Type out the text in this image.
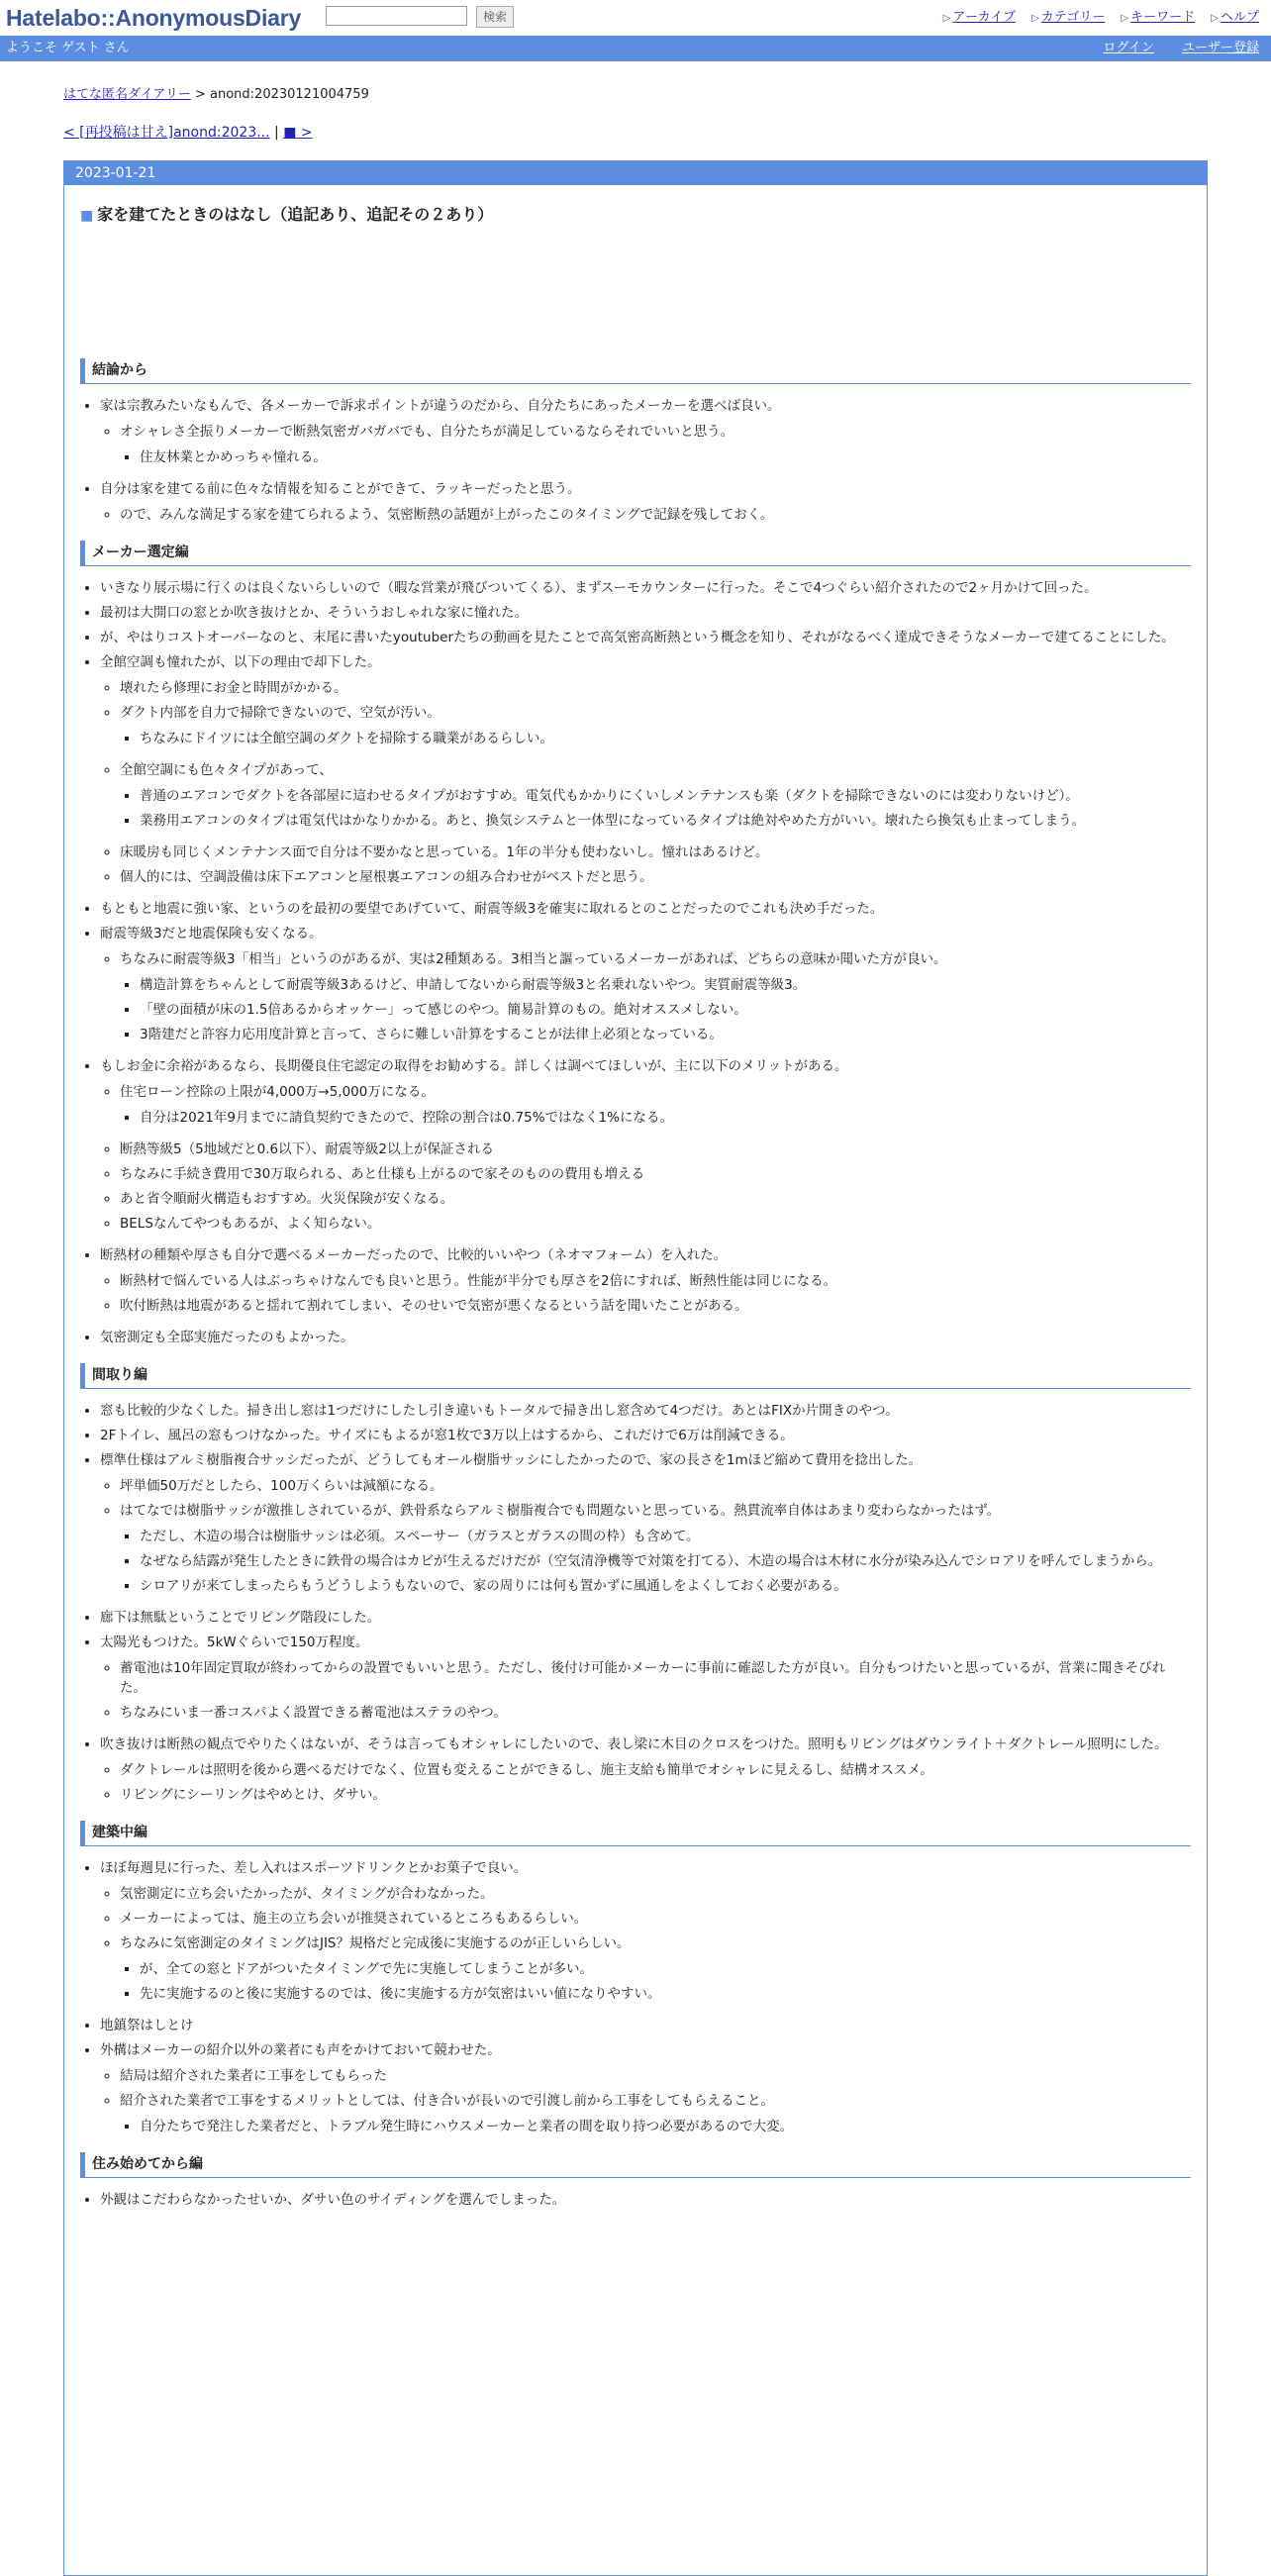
Hatelabo::AnonymousDiary	検索	▷ アーカイブ ▷ カテゴリー ▷ キーワード ▷ ヘルプ
ようこそ ゲスト さん	ログイン ユーザー登録
はてな匿名ダイアリー > anond:20230121004759
< [再投稿は甘え]anond:2023... | ■ >
2023-01-21
■ 家を建てたときのはなし（追記あり、追記その２あり）
結論から
• 家は宗教みたいなもんで、各メーカーで訴求ポイントが違うのだから、自分たちにあったメーカーを選べば良い。
◦ オシャレさ全振りメーカーで断熱気密ガバガバでも、自分たちが満足しているならそれでいいと思う。
▪ 住友林業とかめっちゃ憧れる。
• 自分は家を建てる前に色々な情報を知ることができて、ラッキーだったと思う。
◦ ので、みんな満足する家を建てられるよう、気密断熱の話題が上がったこのタイミングで記録を残しておく。
メーカー選定編
• いきなり展示場に行くのは良くないらしいので（暇な営業が飛びついてくる）、まずスーモカウンターに行った。そこで4つぐらい紹介されたので2ヶ月かけて回った。
• 最初は大開口の窓とか吹き抜けとか、そういうおしゃれな家に憧れた。
• が、やはりコストオーバーなのと、末尾に書いたyoutuberたちの動画を見たことで高気密高断熱という概念を知り、それがなるべく達成できそうなメーカーで建てることにした。
• 全館空調も憧れたが、以下の理由で却下した。
◦ 壊れたら修理にお金と時間がかかる。
◦ ダクト内部を自力で掃除できないので、空気が汚い。
▪ ちなみにドイツには全館空調のダクトを掃除する職業があるらしい。
◦ 全館空調にも色々タイプがあって、
▪ 普通のエアコンでダクトを各部屋に這わせるタイプがおすすめ。電気代もかかりにくいしメンテナンスも楽（ダクトを掃除できないのには変わりないけど）。
▪ 業務用エアコンのタイプは電気代はかなりかかる。あと、換気システムと一体型になっているタイプは絶対やめた方がいい。壊れたら換気も止まってしまう。
◦ 床暖房も同じくメンテナンス面で自分は不要かなと思っている。1年の半分も使わないし。憧れはあるけど。
◦ 個人的には、空調設備は床下エアコンと屋根裏エアコンの組み合わせがベストだと思う。
• もともと地震に強い家、というのを最初の要望であげていて、耐震等級3を確実に取れるとのことだったのでこれも決め手だった。
• 耐震等級3だと地震保険も安くなる。
◦ ちなみに耐震等級3「相当」というのがあるが、実は2種類ある。3相当と謳っているメーカーがあれば、どちらの意味か聞いた方が良い。
▪ 構造計算をちゃんとして耐震等級3あるけど、申請してないから耐震等級3と名乗れないやつ。実質耐震等級3。
▪ 「壁の面積が床の1.5倍あるからオッケー」って感じのやつ。簡易計算のもの。絶対オススメしない。
▪ 3階建だと許容力応用度計算と言って、さらに難しい計算をすることが法律上必須となっている。
• もしお金に余裕があるなら、長期優良住宅認定の取得をお勧めする。詳しくは調べてほしいが、主に以下のメリットがある。
◦ 住宅ローン控除の上限が4,000万→5,000万になる。
▪ 自分は2021年9月までに請負契約できたので、控除の割合は0.75%ではなく1%になる。
◦ 断熱等級5（5地域だと0.6以下）、耐震等級2以上が保証される
◦ ちなみに手続き費用で30万取られる、あと仕様も上がるので家そのものの費用も増える
◦ あと省令順耐火構造もおすすめ。火災保険が安くなる。
◦ BELSなんてやつもあるが、よく知らない。
• 断熱材の種類や厚さも自分で選べるメーカーだったので、比較的いいやつ（ネオマフォーム）を入れた。
◦ 断熱材で悩んでいる人はぶっちゃけなんでも良いと思う。性能が半分でも厚さを2倍にすれば、断熱性能は同じになる。
◦ 吹付断熱は地震があると揺れて割れてしまい、そのせいで気密が悪くなるという話を聞いたことがある。
• 気密測定も全邸実施だったのもよかった。
間取り編
• 窓も比較的少なくした。掃き出し窓は1つだけにしたし引き違いもトータルで掃き出し窓含めて4つだけ。あとはFIXか片開きのやつ。
• 2Fトイレ、風呂の窓もつけなかった。サイズにもよるが窓1枚で3万以上はするから、これだけで6万は削減できる。
• 標準仕様はアルミ樹脂複合サッシだったが、どうしてもオール樹脂サッシにしたかったので、家の長さを1mほど縮めて費用を捻出した。
◦ 坪単価50万だとしたら、100万くらいは減額になる。
◦ はてなでは樹脂サッシが激推しされているが、鉄骨系ならアルミ樹脂複合でも問題ないと思っている。熱貫流率自体はあまり変わらなかったはず。
▪ ただし、木造の場合は樹脂サッシは必須。スペーサー（ガラスとガラスの間の枠）も含めて。
▪ なぜなら結露が発生したときに鉄骨の場合はカビが生えるだけだが（空気清浄機等で対策を打てる）、木造の場合は木材に水分が染み込んでシロアリを呼んでしまうから。
▪ シロアリが来てしまったらもうどうしようもないので、家の周りには何も置かずに風通しをよくしておく必要がある。
• 廊下は無駄ということでリビング階段にした。
• 太陽光もつけた。5kWぐらいで150万程度。
◦ 蓄電池は10年固定買取が終わってからの設置でもいいと思う。ただし、後付け可能かメーカーに事前に確認した方が良い。自分もつけたいと思っているが、営業に聞きそびれた。
◦ ちなみにいま一番コスパよく設置できる蓄電池はステラのやつ。
• 吹き抜けは断熱の観点でやりたくはないが、そうは言ってもオシャレにしたいので、表し梁に木目のクロスをつけた。照明もリビングはダウンライト＋ダクトレール照明にした。
◦ ダクトレールは照明を後から選べるだけでなく、位置も変えることができるし、施主支給も簡単でオシャレに見えるし、結構オススメ。
◦ リビングにシーリングはやめとけ、ダサい。
建築中編
• ほぼ毎週見に行った、差し入れはスポーツドリンクとかお菓子で良い。
◦ 気密測定に立ち会いたかったが、タイミングが合わなかった。
◦ メーカーによっては、施主の立ち会いが推奨されているところもあるらしい。
◦ ちなみに気密測定のタイミングはJIS？規格だと完成後に実施するのが正しいらしい。
▪ が、全ての窓とドアがついたタイミングで先に実施してしまうことが多い。
▪ 先に実施するのと後に実施するのでは、後に実施する方が気密はいい値になりやすい。
• 地鎮祭はしとけ
• 外構はメーカーの紹介以外の業者にも声をかけておいて競わせた。
◦ 結局は紹介された業者に工事をしてもらった
◦ 紹介された業者で工事をするメリットとしては、付き合いが長いので引渡し前から工事をしてもらえること。
▪ 自分たちで発注した業者だと、トラブル発生時にハウスメーカーと業者の間を取り持つ必要があるので大変。
住み始めてから編
• 外観はこだわらなかったせいか、ダサい色のサイディングを選んでしまった。
